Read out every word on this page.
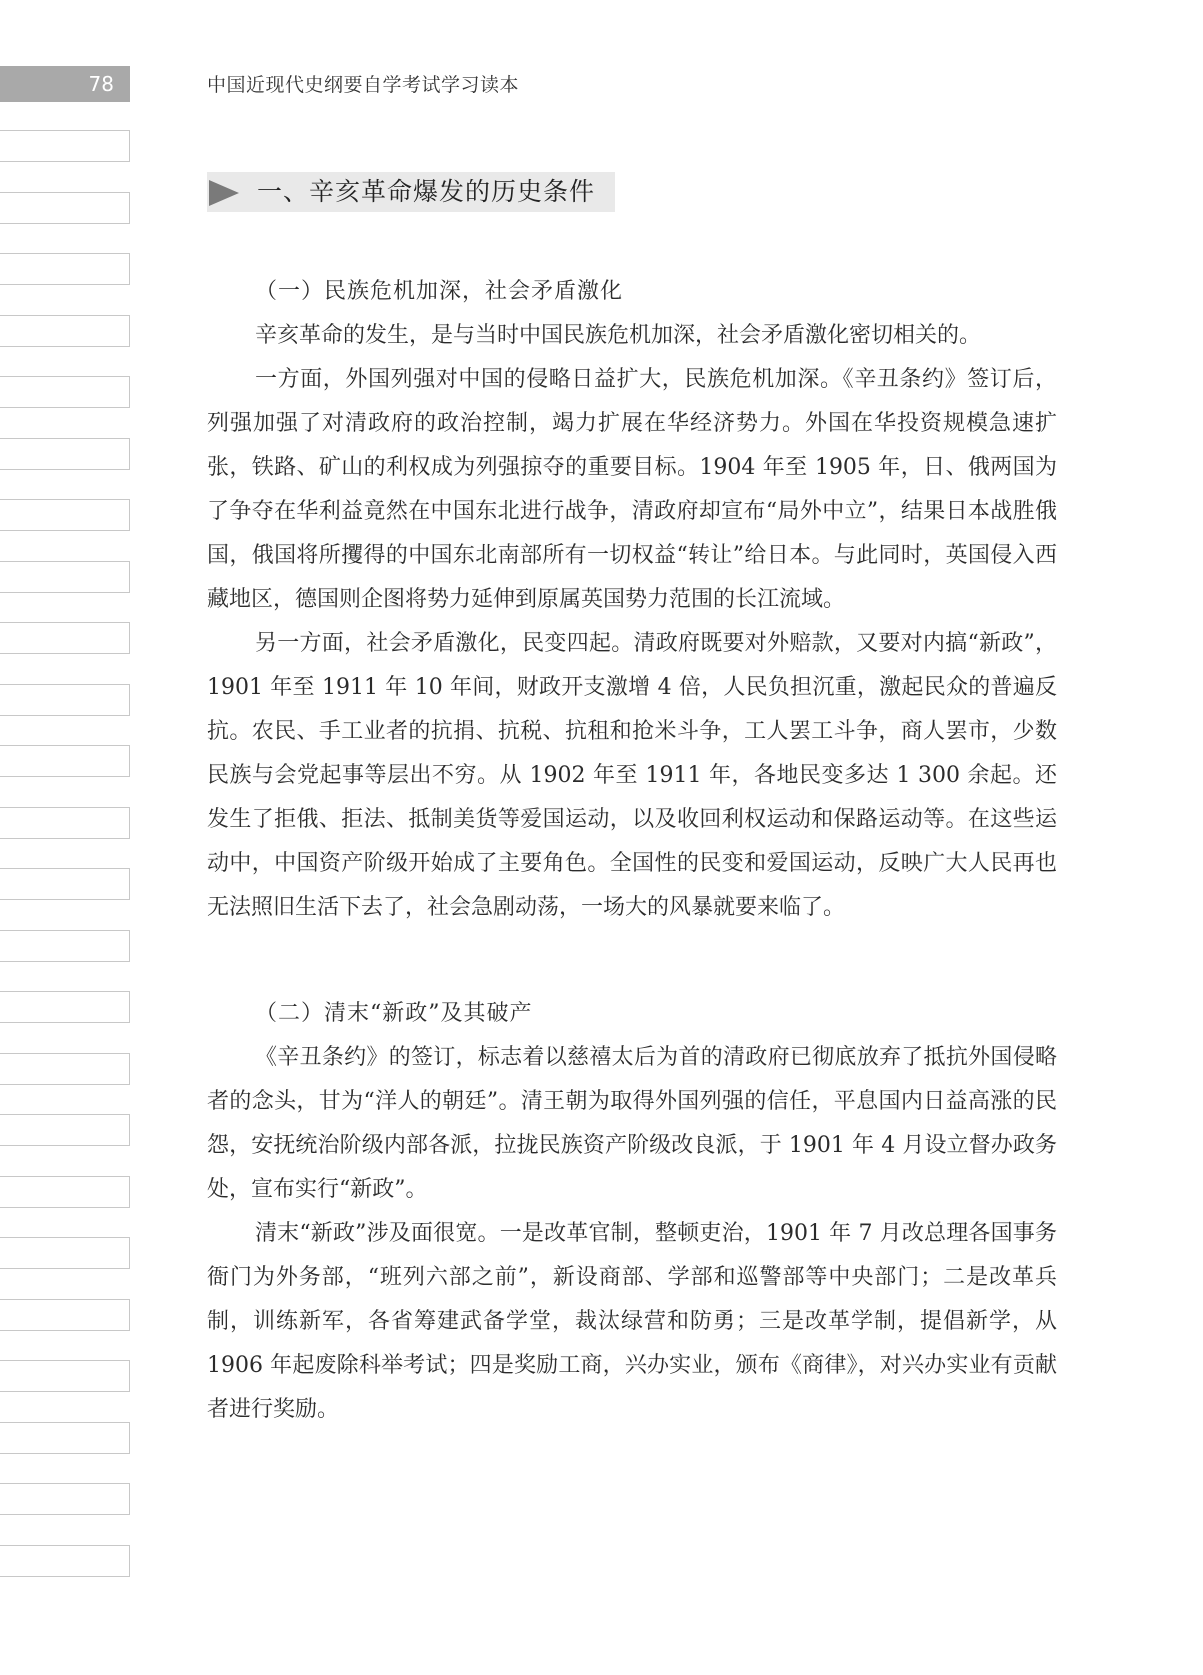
78	中国近现代史纲要自学考试学习读本
一、辛亥革命爆发的历史条件

（一）民族危机加深，社会矛盾激化

辛亥革命的发生，是与当时中国民族危机加深，社会矛盾激化密切相关的。

一方面，外国列强对中国的侵略日益扩大，民族危机加深。《辛丑条约》签订后，列强加强了对清政府的政治控制，竭力扩展在华经济势力。外国在华投资规模急速扩张，铁路、矿山的利权成为列强掠夺的重要目标。1904 年至 1905 年，日、俄两国为了争夺在华利益竟然在中国东北进行战争，清政府却宣布“局外中立”，结果日本战胜俄国，俄国将所攫得的中国东北南部所有一切权益“转让”给日本。与此同时，英国侵入西藏地区，德国则企图将势力延伸到原属英国势力范围的长江流域。

另一方面，社会矛盾激化，民变四起。清政府既要对外赔款，又要对内搞“新政”，1901 年至 1911 年 10 年间，财政开支激增 4 倍，人民负担沉重，激起民众的普遍反抗。农民、手工业者的抗捐、抗税、抗租和抢米斗争，工人罢工斗争，商人罢市，少数民族与会党起事等层出不穷。从 1902 年至 1911 年，各地民变多达 1 300 余起。还发生了拒俄、拒法、抵制美货等爱国运动，以及收回利权运动和保路运动等。在这些运动中，中国资产阶级开始成了主要角色。全国性的民变和爱国运动，反映广大人民再也无法照旧生活下去了，社会急剧动荡，一场大的风暴就要来临了。

（二）清末“新政”及其破产

《辛丑条约》的签订，标志着以慈禧太后为首的清政府已彻底放弃了抵抗外国侵略者的念头，甘为“洋人的朝廷”。清王朝为取得外国列强的信任，平息国内日益高涨的民怨，安抚统治阶级内部各派，拉拢民族资产阶级改良派，于 1901 年 4 月设立督办政务处，宣布实行“新政”。

清末“新政”涉及面很宽。一是改革官制，整顿吏治，1901 年 7 月改总理各国事务衙门为外务部，“班列六部之前”，新设商部、学部和巡警部等中央部门；二是改革兵制，训练新军，各省筹建武备学堂，裁汰绿营和防勇；三是改革学制，提倡新学，从 1906 年起废除科举考试；四是奖励工商，兴办实业，颁布《商律》，对兴办实业有贡献者进行奖励。
